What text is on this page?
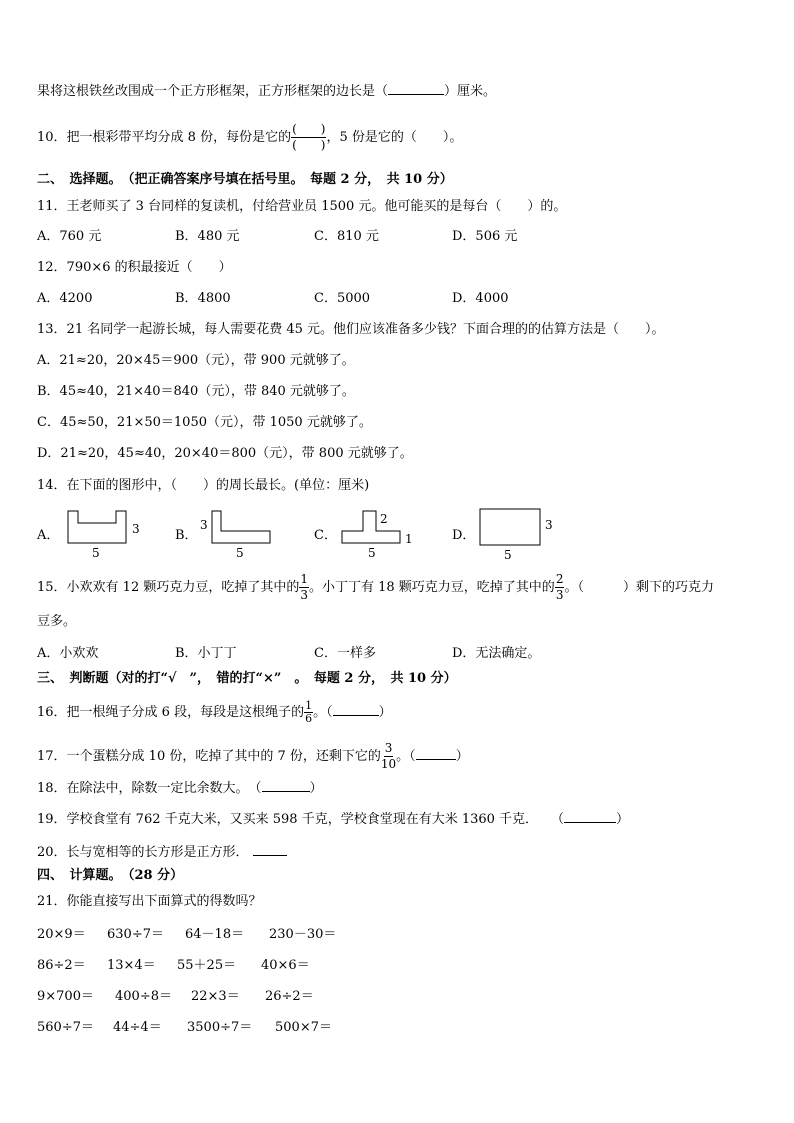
果将这根铁丝改围成一个正方形框架，正方形框架的边长是（	）厘米。
10．把一根彩带平均分成 8 份，每份是它的 $\frac{( )}{( )}$ ，5 份是它的（　　）。
二、　选择题。　（把正确答案序号填在括号里。　每题 2 分，　共 10 分）
11．王老师买了 3 台同样的复读机，付给营业员 1500 元。他可能买的是每台（　　）的。
A．760 元	B．480 元	C．810 元	D．506 元
12．790×6 的积最接近（　　）
A．4200	B．4800	C．5000	D．4000
13．21 名同学一起游长城，每人需要花费 45 元。他们应该准备多少钱？下面合理的的估算方法是（　　）。
A．21≈20，20×45＝900（元），带 900 元就够了。
B．45≈40，21×40＝840（元），带 840 元就够了。
C．45≈50，21×50＝1050（元），带 1050 元就够了。
D．21≈20，45≈40，20×40＝800（元），带 800 元就够了。
14．在下面的图形中，（　　）的周长最长。(单位：厘米)
A．	3
5
B．
3
5
C．
2
1
5
D．
3
5
15．小欢欢有 12 颗巧克力豆，吃掉了其中的 $\frac{1}{3}$ 。小丁丁有 18 颗巧克力豆，吃掉了其中的 $\frac{2}{3}$ 。（　　　）剩下的巧克力
豆多。
A．小欢欢	B．小丁丁	C．一样多	D．无法确定。
三、　判断题（对的打“√　”，　错的打“×”　。　每题 2 分，　共 10 分）
16．把一根绳子分成 6 段，每段是这根绳子的 $\frac{1}{6}$ 。（	）
17．一个蛋糕分成 10 份，吃掉了其中的 7 份，还剩下它的 $\frac{3}{10}$ 。（	）
18．在除法中，除数一定比余数大。　（	）
19．学校食堂有 762 千克大米，又买来 598 千克，学校食堂现在有大米 1360 千克．　　（	）
20．长与宽相等的长方形是正方形．
四、　计算题。　（28 分）
21．你能直接写出下面算式的得数吗？
20×9＝ 630÷7＝ 64－18＝ 230－30＝
86÷2＝ 13×4＝ 55＋25＝ 40×6＝
9×700＝ 400÷8＝ 22×3＝ 26÷2＝
560÷7＝ 44÷4＝ 3500÷7＝ 500×7＝
